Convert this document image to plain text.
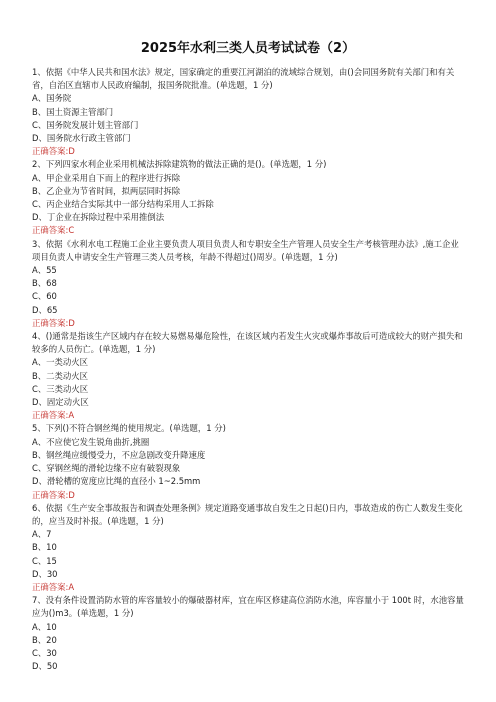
2025年水利三类人员考试试卷（2）

1、依据《中华人民共和国水法》规定，国家确定的重要江河湖泊的流域综合规划，由()会同国务院有关部门和有关省，自治区直辖市人民政府编制，报国务院批准。(单选题，1 分)

A、国务院

B、国土资源主管部门

C、国务院发展计划主管部门

D、国务院水行政主管部门

正确答案:D

2、下列四家水利企业采用机械法拆除建筑物的做法正确的是()。(单选题，1 分)

A、甲企业采用自下而上的程序进行拆除

B、乙企业为节省时间，拟两层同时拆除

C、丙企业结合实际其中一部分结构采用人工拆除

D、丁企业在拆除过程中采用推倒法

正确答案:C

3、依据《水利水电工程施工企业主要负责人项目负责人和专职安全生产管理人员安全生产考核管理办法》,施工企业项目负责人申请安全生产管理三类人员考核，年龄不得超过()周岁。(单选题，1 分)

A、55

B、68

C、60

D、65

正确答案:D

4、()通常是指该生产区域内存在较大易燃易爆危险性，在该区域内若发生火灾或爆炸事故后可造成较大的财产损失和较多的人员伤亡。(单选题，1 分)

A、一类动火区

B、二类动火区

C、三类动火区

D、固定动火区

正确答案:A

5、下列()不符合钢丝绳的使用规定。(单选题，1 分)

A、不应使它发生锐角曲折,挑圈

B、钢丝绳应缓慢受力，不应急剧改变升降速度

C、穿钢丝绳的滑轮边缘不应有破裂现象

D、滑轮槽的宽度应比绳的直径小 1~2.5mm

正确答案:D

6、依据《生产安全事故报告和调查处理条例》规定道路变通事故自发生之日起()日内，事故造成的伤亡人数发生变化的，应当及时补报。(单选题，1 分)

A、7

B、10

C、15

D、30

正确答案:A

7、没有条件设置消防水管的库容量较小的爆破器材库，宜在库区修建高位消防水池，库容量小于 100t 时，水池容量应为()m3。(单选题，1 分)

A、10

B、20

C、30

D、50
